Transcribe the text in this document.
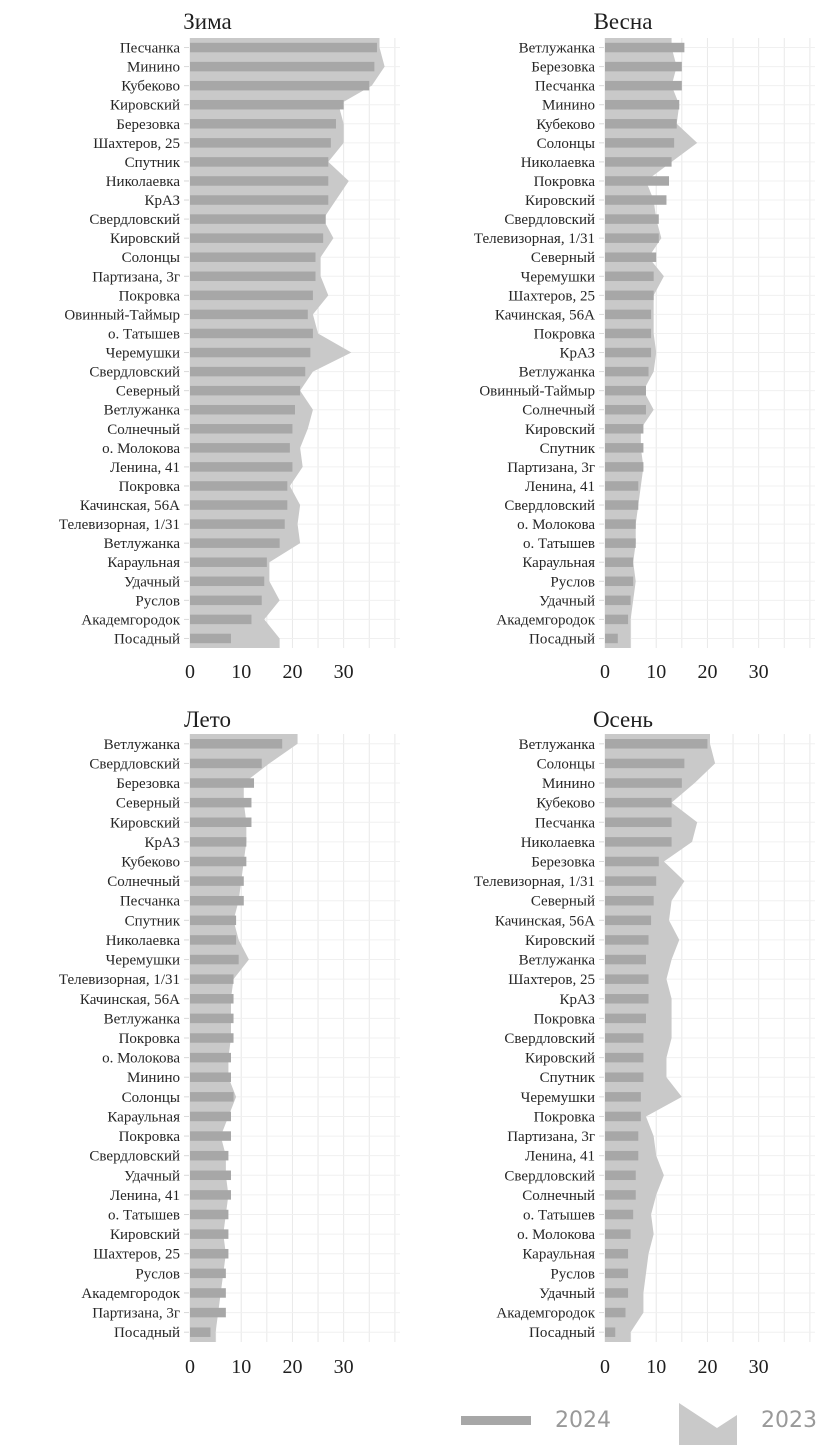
Зима
Песчанка
Минино
Кубеково
Кировский
Березовка
Шахтеров, 25
Спутник
Николаевка
КрАЗ
Свердловский
Кировский
Солонцы
Партизана, 3г
Покровка
Овинный-Таймыр
о. Татышев
Черемушки
Свердловский
Северный
Ветлужанка
Солнечный
о. Молокова
Ленина, 41
Покровка
Качинская, 56А
Телевизорная, 1/31
Ветлужанка
Караульная
Удачный
Руслов
Академгородок
Посадный
0 10 20 30
Весна
Ветлужанка
Березовка
Песчанка
Минино
Кубеково
Солонцы
Николаевка
Покровка
Кировский
Свердловский
Телевизорная, 1/31
Северный
Черемушки
Шахтеров, 25
Качинская, 56А
Покровка
КрАЗ
Ветлужанка
Овинный-Таймыр
Солнечный
Кировский
Спутник
Партизана, 3г
Ленина, 41
Свердловский
о. Молокова
о. Татышев
Караульная
Руслов
Удачный
Академгородок
Посадный
0 10 20 30
Лето
Ветлужанка
Свердловский
Березовка
Северный
Кировский
КрАЗ
Кубеково
Солнечный
Песчанка
Спутник
Николаевка
Черемушки
Телевизорная, 1/31
Качинская, 56А
Ветлужанка
Покровка
о. Молокова
Минино
Солонцы
Караульная
Покровка
Свердловский
Удачный
Ленина, 41
о. Татышев
Кировский
Шахтеров, 25
Руслов
Академгородок
Партизана, 3г
Посадный
0 10 20 30
Осень
Ветлужанка
Солонцы
Минино
Кубеково
Песчанка
Николаевка
Березовка
Телевизорная, 1/31
Северный
Качинская, 56А
Кировский
Ветлужанка
Шахтеров, 25
КрАЗ
Покровка
Свердловский
Кировский
Спутник
Черемушки
Покровка
Партизана, 3г
Ленина, 41
Свердловский
Солнечный
о. Татышев
о. Молокова
Караульная
Руслов
Удачный
Академгородок
Посадный
0 10 20 30
2024	2023
